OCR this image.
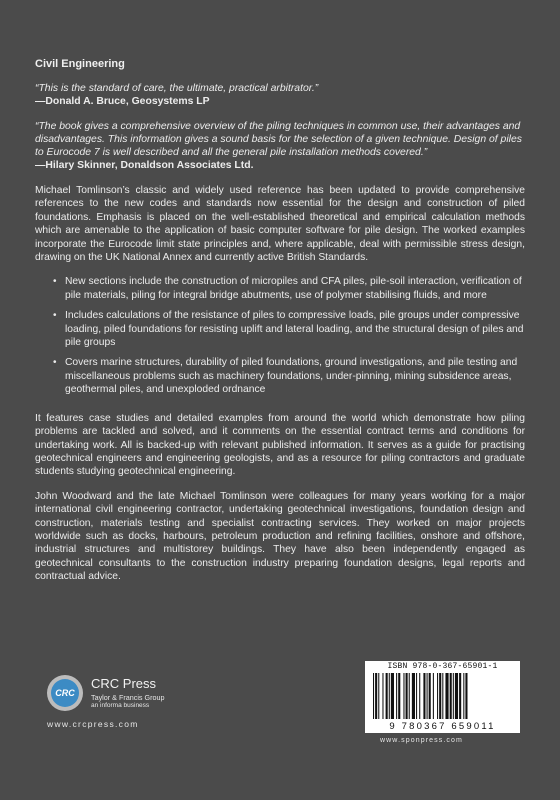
Civil Engineering
“This is the standard of care, the ultimate, practical arbitrator.”
—Donald A. Bruce, Geosystems LP
“The book gives a comprehensive overview of the piling techniques in common use, their advantages and disadvantages. This information gives a sound basis for the selection of a given technique. Design of piles to Eurocode 7 is well described and all the general pile installation methods covered.”
—Hilary Skinner, Donaldson Associates Ltd.

Michael Tomlinson’s classic and widely used reference has been updated to provide comprehensive references to the new codes and standards now essential for the design and construction of piled foundations. Emphasis is placed on the well-established theoretical and empirical calculation methods which are amenable to the application of basic computer software for pile design. The worked examples incorporate the Eurocode limit state principles and, where applicable, deal with permissible stress design, drawing on the UK National Annex and currently active British Standards.

• New sections include the construction of micropiles and CFA piles, pile-soil interaction, verification of pile materials, piling for integral bridge abutments, use of polymer stabilising fluids, and more
• Includes calculations of the resistance of piles to compressive loads, pile groups under compressive loading, piled foundations for resisting uplift and lateral loading, and the structural design of piles and pile groups
• Covers marine structures, durability of piled foundations, ground investigations, and pile testing and miscellaneous problems such as machinery foundations, under-pinning, mining subsidence areas, geothermal piles, and unexploded ordnance

It features case studies and detailed examples from around the world which demonstrate how piling problems are tackled and solved, and it comments on the essential contract terms and conditions for undertaking work. All is backed-up with relevant published information. It serves as a guide for practising geotechnical engineers and engineering geologists, and as a resource for piling contractors and graduate students studying geotechnical engineering.

John Woodward and the late Michael Tomlinson were colleagues for many years working for a major international civil engineering contractor, undertaking geotechnical investigations, foundation design and construction, materials testing and specialist contracting services. They worked on major projects worldwide such as docks, harbours, petroleum production and refining facilities, onshore and offshore, industrial structures and multistorey buildings. They have also been independently engaged as geotechnical consultants to the construction industry preparing foundation designs, legal reports and contractual advice.

CRC
CRC Press
Taylor & Francis Group
an informa business
www.crcpress.com
ISBN 978-0-367-65901-1
9 780367 659011
www.sponpress.com
